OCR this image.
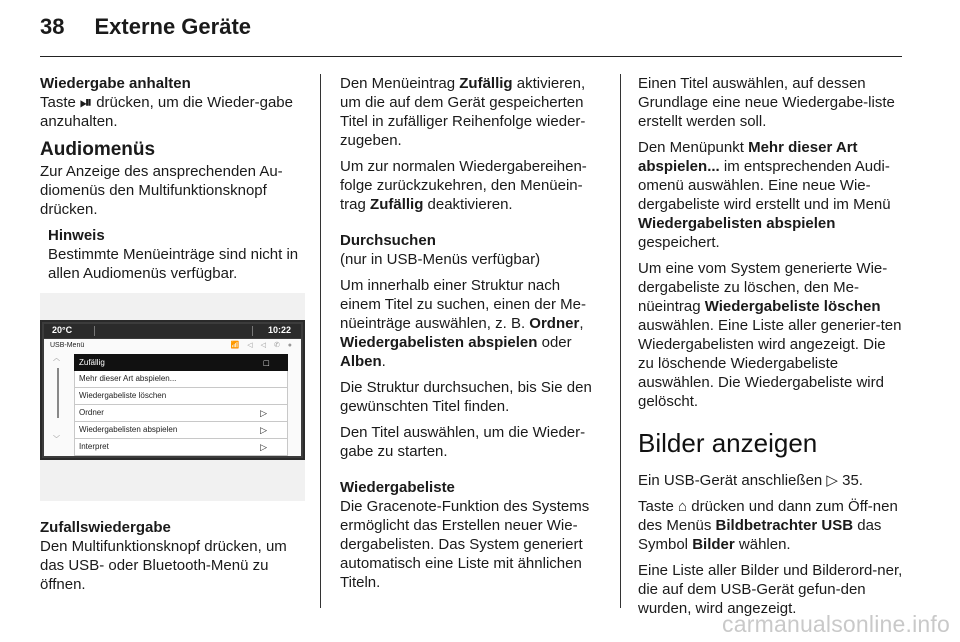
38 Externe Geräte

Wiedergabe anhalten

Taste ⏯ drücken, um die Wieder-gabe anzuhalten.

Audiomenüs

Zur Anzeige des ansprechenden Au-diomenüs den Multifunktionsknopf drücken.

Hinweis
Bestimmte Menüeinträge sind nicht in allen Audiomenüs verfügbar.
20°C	10:22
USB-Menü	📶 ◁ ◁ ✆ ●
︿
﹀
Zufällig	□
Mehr dieser Art abspielen...
Wiedergabeliste löschen
Ordner	▷
Wiedergabelisten abspielen	▷
Interpret	▷
Zufallswiedergabe
Den Multifunktionsknopf drücken, um das USB- oder Bluetooth-Menü zu öffnen.

Den Menüeintrag Zufällig aktivieren, um die auf dem Gerät gespeicherten Titel in zufälliger Reihenfolge wieder-zugeben.

Um zur normalen Wiedergabereihen-folge zurückzukehren, den Menüein-trag Zufällig deaktivieren.

Durchsuchen

(nur in USB-Menüs verfügbar)

Um innerhalb einer Struktur nach einem Titel zu suchen, einen der Me-nüeinträge auswählen, z. B. Ordner, Wiedergabelisten abspielen oder Alben.

Die Struktur durchsuchen, bis Sie den gewünschten Titel finden.

Den Titel auswählen, um die Wieder-gabe zu starten.

Wiedergabeliste

Die Gracenote-Funktion des Systems ermöglicht das Erstellen neuer Wie-dergabelisten. Das System generiert automatisch eine Liste mit ähnlichen Titeln.

Einen Titel auswählen, auf dessen Grundlage eine neue Wiedergabe-liste erstellt werden soll.

Den Menüpunkt Mehr dieser Art abspielen... im entsprechenden Audi-omenü auswählen. Eine neue Wie-dergabeliste wird erstellt und im Menü Wiedergabelisten abspielen gespeichert.

Um eine vom System generierte Wie-dergabeliste zu löschen, den Me-nüeintrag Wiedergabeliste löschen auswählen. Eine Liste aller generier-ten Wiedergabelisten wird angezeigt. Die zu löschende Wiedergabeliste auswählen. Die Wiedergabeliste wird gelöscht.

Bilder anzeigen

Ein USB-Gerät anschließen ▷ 35.

Taste ⌂ drücken und dann zum Öff-nen des Menüs Bildbetrachter USB das Symbol Bilder wählen.

Eine Liste aller Bilder und Bilderord-ner, die auf dem USB-Gerät gefun-den wurden, wird angezeigt.

carmanualsonline.info
